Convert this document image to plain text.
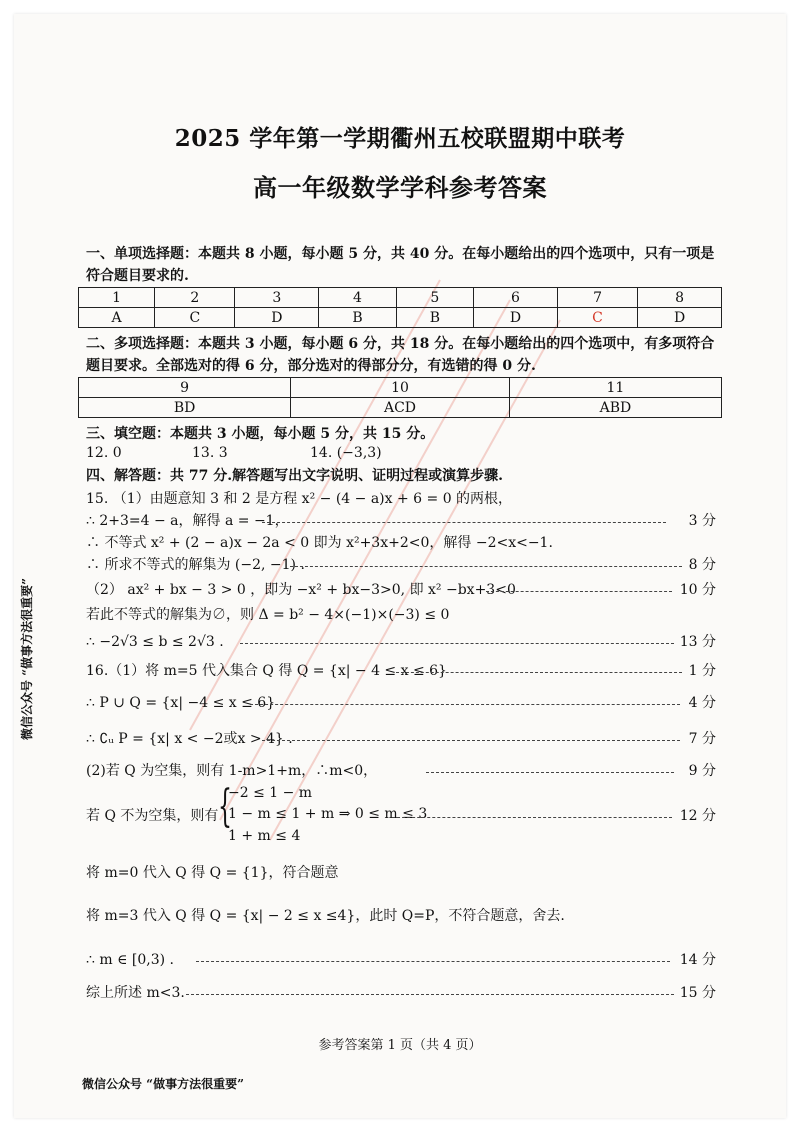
2025 学年第一学期衢州五校联盟期中联考
高一年级数学学科参考答案
一、单项选择题：本题共 8 小题，每小题 5 分，共 40 分。在每小题给出的四个选项中，只有一项是
符合题目要求的.
1	2	3	4	5	6	7	8
A	C	D	B	B	D	C	D
二、多项选择题：本题共 3 小题，每小题 6 分，共 18 分。在每小题给出的四个选项中，有多项符合
题目要求。全部选对的得 6 分，部分选对的得部分分，有选错的得 0 分.
9	10	11
BD	ACD	ABD
三、填空题：本题共 3 小题，每小题 5 分，共 15 分。
12. 0	13. 3	14. (−3,3)
四、解答题：共 77 分.解答题写出文字说明、证明过程或演算步骤.
15. （1）由题意知 3 和 2 是方程 x² − (4 − a)x + 6 = 0 的两根，
∴ 2+3=4 − a，解得 a = −1，	3 分
∴ 不等式 x² + (2 − a)x − 2a < 0 即为 x²+3x+2<0，解得 −2<x<−1.
∴ 所求不等式的解集为 (−2, −1) .	8 分
（2） ax² + bx − 3 > 0 ，即为 −x² + bx−3>0, 即 x² −bx+3<0	10 分
若此不等式的解集为∅，则 Δ = b² − 4×(−1)×(−3) ≤ 0
∴ −2√3 ≤ b ≤ 2√3 .	13 分
16.（1）将 m=5 代入集合 Q 得 Q = {x| − 4 ≤ x ≤ 6}	1 分
∴ P ∪ Q = {x| −4 ≤ x ≤ 6}	4 分
∴ ∁ᵤ P = {x| x < −2或x > 4} .	7 分
(2)若 Q 为空集，则有 1-m>1+m，∴m<0，	9 分
若 Q 不为空集，则有 {
−2 ≤ 1 − m
1 − m ≤ 1 + m ⇒ 0 ≤ m ≤ 3
1 + m ≤ 4
12 分
将 m=0 代入 Q 得 Q = {1}，符合题意
将 m=3 代入 Q 得 Q = {x| − 2 ≤ x ≤4}，此时 Q=P，不符合题意，舍去.
∴ m ∈ [0,3) .	14 分
综上所述 m<3.	15 分
参考答案第 1 页（共 4 页）
微信公众号 “做事方法很重要”
微信公众号 “做事方法很重要”
